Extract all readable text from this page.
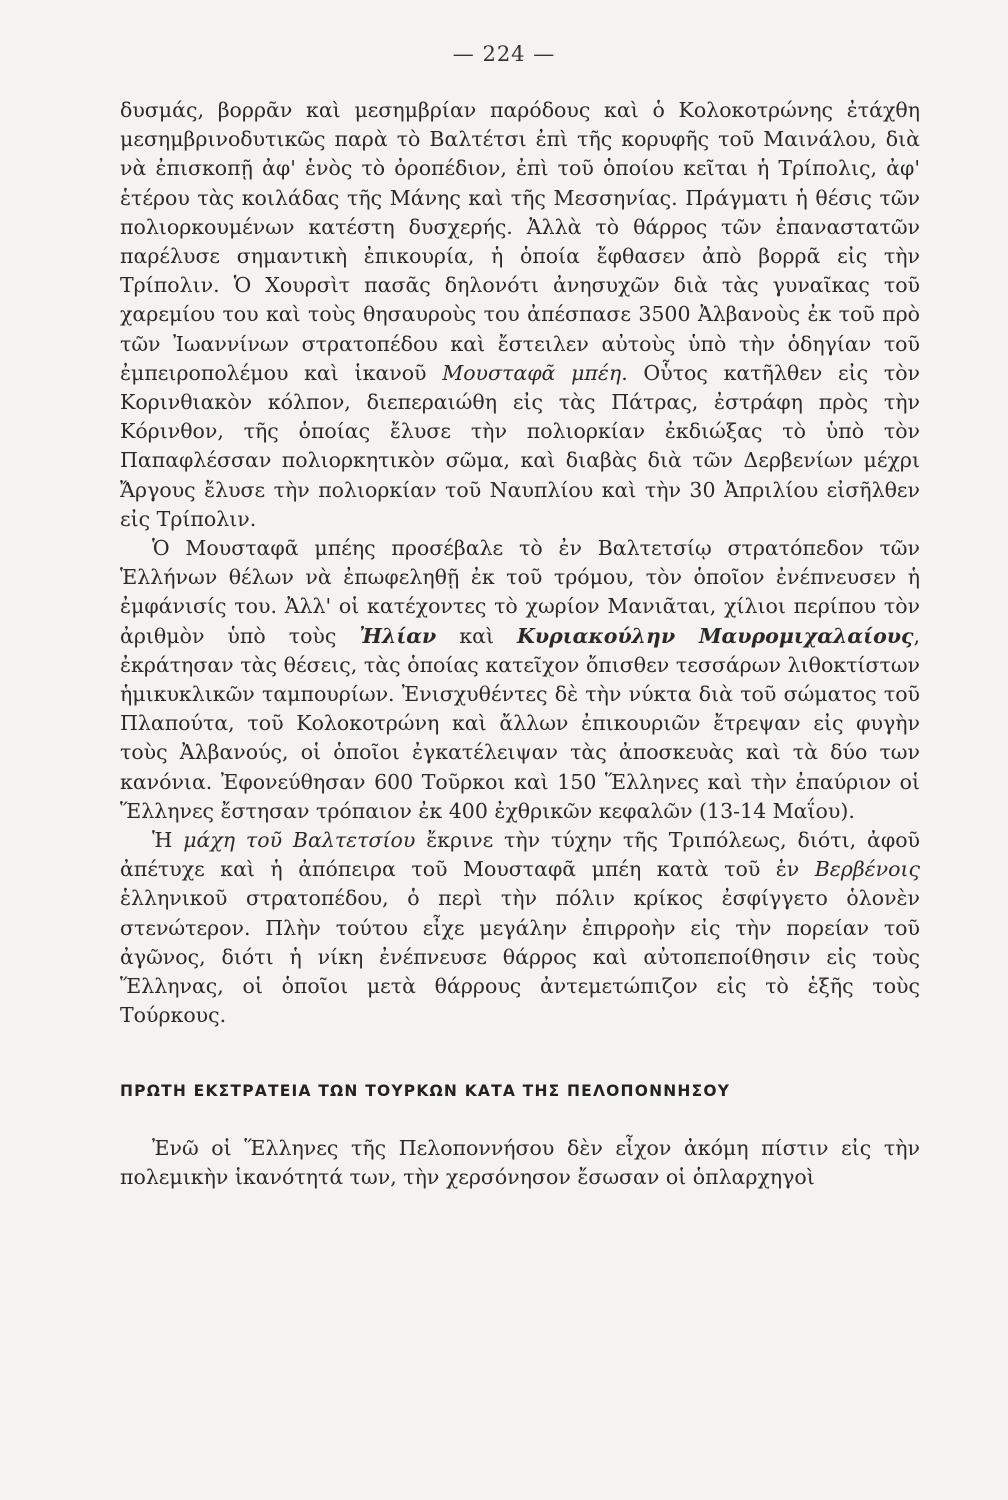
— 224 —

δυσμάς, βορρᾶν καὶ μεσημβρίαν παρόδους καὶ ὁ Κολοκοτρώνης ἐτάχθη μεσημβρινοδυτικῶς παρὰ τὸ Βαλτέτσι ἐπὶ τῆς κορυφῆς τοῦ Μαινάλου, διὰ νὰ ἐπισκοπῇ ἀφ' ἑνὸς τὸ ὀροπέδιον, ἐπὶ τοῦ ὁποίου κεῖται ἡ Τρίπολις, ἀφ' ἑτέρου τὰς κοιλάδας τῆς Μάνης καὶ τῆς Μεσσηνίας. Πράγματι ἡ θέσις τῶν πολιορκουμένων κατέστη δυσχερής. Ἀλλὰ τὸ θάρρος τῶν ἐπαναστατῶν παρέλυσε σημαντικὴ ἐπικουρία, ἡ ὁποία ἔφθασεν ἀπὸ βορρᾶ εἰς τὴν Τρίπολιν. Ὁ Χουρσὶτ πασᾶς δηλονότι ἀνησυχῶν διὰ τὰς γυναῖκας τοῦ χαρεμίου του καὶ τοὺς θησαυροὺς του ἀπέσπασε 3500 Ἀλβανοὺς ἐκ τοῦ πρὸ τῶν Ἰωαννίνων στρατοπέδου καὶ ἔστειλεν αὐτοὺς ὑπὸ τὴν ὁδηγίαν τοῦ ἐμπειροπολέμου καὶ ἱκανοῦ Μουσταφᾶ μπέη. Οὗτος κατῆλθεν εἰς τὸν Κορινθιακὸν κόλπον, διεπεραιώθη εἰς τὰς Πάτρας, ἐστράφη πρὸς τὴν Κόρινθον, τῆς ὁποίας ἔλυσε τὴν πολιορκίαν ἐκδιώξας τὸ ὑπὸ τὸν Παπαφλέσσαν πολιορκητικὸν σῶμα, καὶ διαβὰς διὰ τῶν Δερβενίων μέχρι Ἄργους ἔλυσε τὴν πολιορκίαν τοῦ Ναυπλίου καὶ τὴν 30 Ἀπριλίου εἰσῆλθεν εἰς Τρίπολιν.

Ὁ Μουσταφᾶ μπέης προσέβαλε τὸ ἐν Βαλτετσίῳ στρατόπεδον τῶν Ἑλλήνων θέλων νὰ ἐπωφεληθῇ ἐκ τοῦ τρόμου, τὸν ὁποῖον ἐνέπνευσεν ἡ ἐμφάνισίς του. Ἀλλ' οἱ κατέχοντες τὸ χωρίον Μανιᾶται, χίλιοι περίπου τὸν ἀριθμὸν ὑπὸ τοὺς Ἠλίαν καὶ Κυριακούλην Μαυρομιχαλαίους, ἐκράτησαν τὰς θέσεις, τὰς ὁποίας κατεῖχον ὄπισθεν τεσσάρων λιθοκτίστων ἡμικυκλικῶν ταμπουρίων. Ἐνισχυθέντες δὲ τὴν νύκτα διὰ τοῦ σώματος τοῦ Πλαπούτα, τοῦ Κολοκοτρώνη καὶ ἄλλων ἐπικουριῶν ἔτρεψαν εἰς φυγὴν τοὺς Ἀλβανούς, οἱ ὁποῖοι ἐγκατέλειψαν τὰς ἀποσκευὰς καὶ τὰ δύο των κανόνια. Ἐφονεύθησαν 600 Τοῦρκοι καὶ 150 Ἕλληνες καὶ τὴν ἐπαύριον οἱ Ἕλληνες ἔστησαν τρόπαιον ἐκ 400 ἐχθρικῶν κεφαλῶν (13-14 Μαΐου).

Ἡ μάχη τοῦ Βαλτετσίου ἔκρινε τὴν τύχην τῆς Τριπόλεως, διότι, ἀφοῦ ἀπέτυχε καὶ ἡ ἀπόπειρα τοῦ Μουσταφᾶ μπέη κατὰ τοῦ ἐν Βερβένοις ἑλληνικοῦ στρατοπέδου, ὁ περὶ τὴν πόλιν κρίκος ἐσφίγγετο ὁλονὲν στενώτερον. Πλὴν τούτου εἶχε μεγάλην ἐπιρροὴν εἰς τὴν πορείαν τοῦ ἀγῶνος, διότι ἡ νίκη ἐνέπνευσε θάρρος καὶ αὐτοπεποίθησιν εἰς τοὺς Ἕλληνας, οἱ ὁποῖοι μετὰ θάρρους ἀντεμετώπιζον εἰς τὸ ἑξῆς τοὺς Τούρκους.

ΠΡΩΤΗ ΕΚΣΤΡΑΤΕΙΑ ΤΩΝ ΤΟΥΡΚΩΝ ΚΑΤΑ ΤΗΣ ΠΕΛΟΠΟΝΝΗΣΟΥ

Ἐνῶ οἱ Ἕλληνες τῆς Πελοποννήσου δὲν εἶχον ἀκόμη πίστιν εἰς τὴν πολεμικὴν ἱκανότητά των, τὴν χερσόνησον ἔσωσαν οἱ ὁπλαρχηγοὶ
